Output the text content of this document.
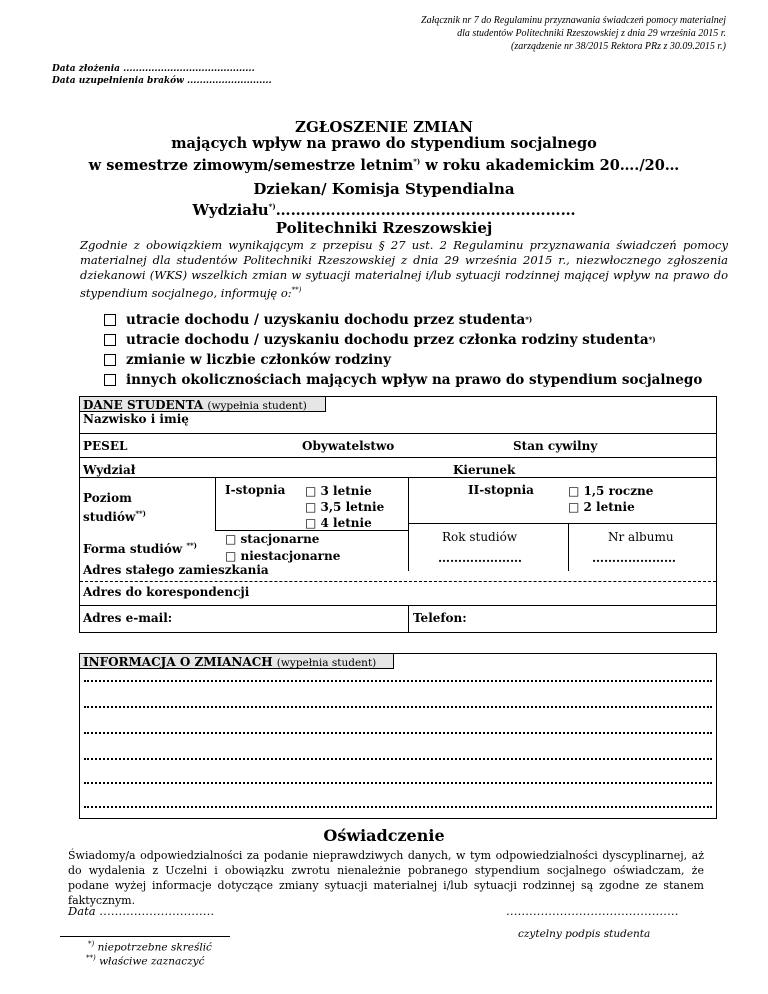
Załącznik nr 7 do Regulaminu przyznawania świadczeń pomocy materialnej
dla studentów Politechniki Rzeszowskiej z dnia 29 września 2015 r.
(zarządzenie nr 38/2015 Rektora PRz z 30.09.2015 r.)
Data złożenia ..........................................
Data uzupełnienia braków ...........................
ZGŁOSZENIE ZMIAN
mających wpływ na prawo do stypendium socjalnego
w semestrze zimowym/semestrze letnim*) w roku akademickim 20…./20…
Dziekan/ Komisja Stypendialna
Wydziału*)……………………………………………………
Politechniki Rzeszowskiej
Zgodnie z obowiązkiem wynikającym z przepisu § 27 ust. 2 Regulaminu przyznawania świadczeń pomocy materialnej dla studentów Politechniki Rzeszowskiej z dnia 29 września 2015 r., niezwłocznego zgłoszenia dziekanowi (WKS) wszelkich zmian w sytuacji materialnej i/lub sytuacji rodzinnej mającej wpływ na prawo do stypendium socjalnego, informuję o:**)
utracie dochodu / uzyskaniu dochodu przez studenta *)
utracie dochodu / uzyskaniu dochodu przez członka rodziny studenta *)
zmianie w liczbie członków rodziny
innych okolicznościach mających wpływ na prawo do stypendium socjalnego
DANE STUDENTA (wypełnia student)
Nazwisko i imię
PESEL	Obywatelstwo	Stan cywilny
Wydział	Kierunek
Poziom
studiów**)
I-stopnia □ 3 letnie
□ 3,5 letnie
□ 4 letnie
II-stopnia	□ 1,5 roczne
□ 2 letnie
Forma studiów **) □ stacjonarne
□ niestacjonarne
Rok studiów
…………………
Nr albumu
…………………
Adres stałego zamieszkania
Adres do korespondencji
Adres e-mail:	Telefon:
INFORMACJA O ZMIANACH (wypełnia student)
Oświadczenie
Świadomy/a odpowiedzialności za podanie nieprawdziwych danych, w tym odpowiedzialności dyscyplinarnej, aż do wydalenia z Uczelni i obowiązku zwrotu nienależnie pobranego stypendium socjalnego oświadczam, że podane wyżej informacje dotyczące zmiany sytuacji materialnej i/lub sytuacji rodzinnej są zgodne ze stanem faktycznym.
Data …………………………	………………………………………
czytelny podpis studenta
*) niepotrzebne skreślić
**) właściwe zaznaczyć
